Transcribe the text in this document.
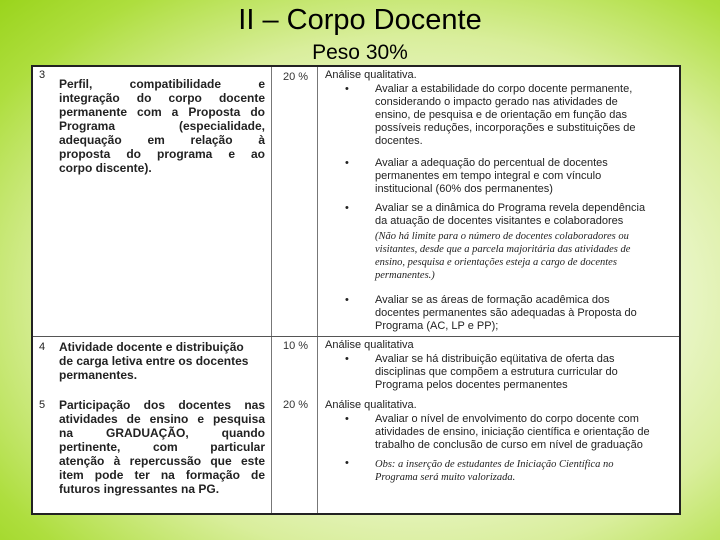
II – Corpo Docente
Peso 30%
3
Perfil, compatibilidade e
integração do corpo docente
permanente com a Proposta do
Programa (especialidade,
adequação em relação à
proposta do programa e ao
corpo discente).
20 % Análise qualitativa.
• Avaliar a estabilidade do corpo docente permanente,
considerando o impacto gerado nas atividades de
ensino, de pesquisa e de orientação em função das
possíveis reduções, incorporações e substituições de
docentes.
• Avaliar a adequação do percentual de docentes
permanentes em tempo integral e com vínculo
institucional (60% dos permanentes)
• Avaliar se a dinâmica do Programa revela dependência
da atuação de docentes visitantes e colaboradores
(Não há limite para o número de docentes colaboradores ou
visitantes, desde que a parcela majoritária das atividades de
ensino, pesquisa e orientações esteja a cargo de docentes
permanentes.)
• Avaliar se as áreas de formação acadêmica dos
docentes permanentes são adequadas à Proposta do
Programa (AC, LP e PP);
4 Atividade docente e distribuição
de carga letiva entre os docentes
permanentes.
10 % Análise qualitativa
• Avaliar se há distribuição eqüitativa de oferta das
disciplinas que compõem a estrutura curricular do
Programa pelos docentes permanentes
5 Participação dos docentes nas
atividades de ensino e pesquisa
na GRADUAÇÃO, quando
pertinente, com particular
atenção à repercussão que este
item pode ter na formação de
futuros ingressantes na PG.
20 % Análise qualitativa.
• Avaliar o nível de envolvimento do corpo docente com
atividades de ensino, iniciação científica e orientação de
trabalho de conclusão de curso em nível de graduação
• Obs: a inserção de estudantes de Iniciação Científica no
Programa será muito valorizada.
